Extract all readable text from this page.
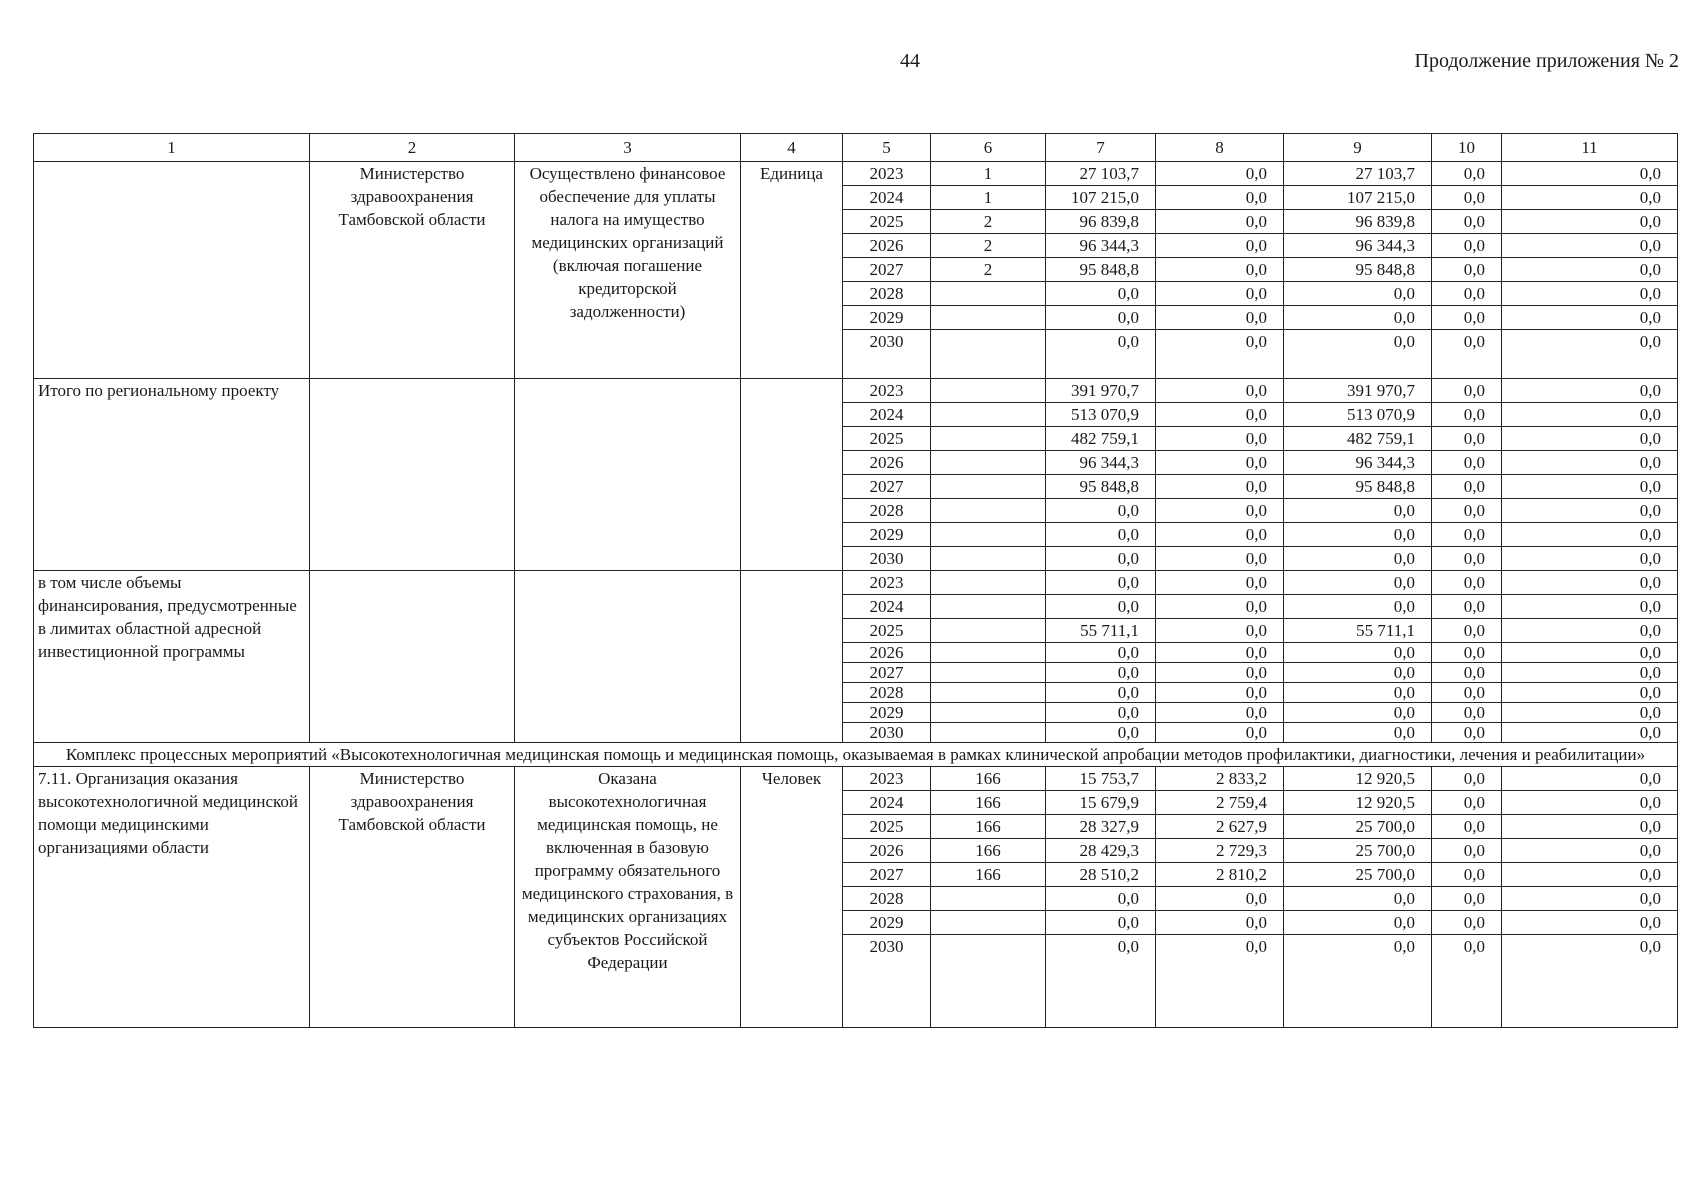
44	Продолжение приложения № 2
1	2	3	4	5	6	7	8	9	10	11
	Министерство здравоохранения Тамбовской области	Осуществлено финансовое обеспечение для уплаты налога на имущество медицинских организаций (включая погашение кредиторской задолженности)	Единица	2023	1	27 103,7	0,0	27 103,7	0,0	0,0
				2024	1	107 215,0	0,0	107 215,0	0,0	0,0
				2025	2	96 839,8	0,0	96 839,8	0,0	0,0
				2026	2	96 344,3	0,0	96 344,3	0,0	0,0
				2027	2	95 848,8	0,0	95 848,8	0,0	0,0
				2028		0,0	0,0	0,0	0,0	0,0
				2029		0,0	0,0	0,0	0,0	0,0
				2030		0,0	0,0	0,0	0,0	0,0
Итого по региональному проекту				2023		391 970,7	0,0	391 970,7	0,0	0,0
				2024		513 070,9	0,0	513 070,9	0,0	0,0
				2025		482 759,1	0,0	482 759,1	0,0	0,0
				2026		96 344,3	0,0	96 344,3	0,0	0,0
				2027		95 848,8	0,0	95 848,8	0,0	0,0
				2028		0,0	0,0	0,0	0,0	0,0
				2029		0,0	0,0	0,0	0,0	0,0
				2030		0,0	0,0	0,0	0,0	0,0
в том числе объемы финансирования, предусмотренные в лимитах областной адресной инвестиционной программы				2023		0,0	0,0	0,0	0,0	0,0
				2024		0,0	0,0	0,0	0,0	0,0
				2025		55 711,1	0,0	55 711,1	0,0	0,0
				2026		0,0	0,0	0,0	0,0	0,0
				2027		0,0	0,0	0,0	0,0	0,0
				2028		0,0	0,0	0,0	0,0	0,0
				2029		0,0	0,0	0,0	0,0	0,0
				2030		0,0	0,0	0,0	0,0	0,0
Комплекс процессных мероприятий «Высокотехнологичная медицинская помощь и медицинская помощь, оказываемая в рамках клинической апробации методов профилактики, диагностики, лечения и реабилитации»										
7.11. Организация оказания высокотехнологичной медицинской помощи медицинскими организациями области	Министерство здравоохранения Тамбовской области	Оказана высокотехнологичная медицинская помощь, не включенная в базовую программу обязательного медицинского страхования, в медицинских организациях субъектов Российской Федерации	Человек	2023	166	15 753,7	2 833,2	12 920,5	0,0	0,0
				2024	166	15 679,9	2 759,4	12 920,5	0,0	0,0
				2025	166	28 327,9	2 627,9	25 700,0	0,0	0,0
				2026	166	28 429,3	2 729,3	25 700,0	0,0	0,0
				2027	166	28 510,2	2 810,2	25 700,0	0,0	0,0
				2028		0,0	0,0	0,0	0,0	0,0
				2029		0,0	0,0	0,0	0,0	0,0
				2030		0,0	0,0	0,0	0,0	0,0
